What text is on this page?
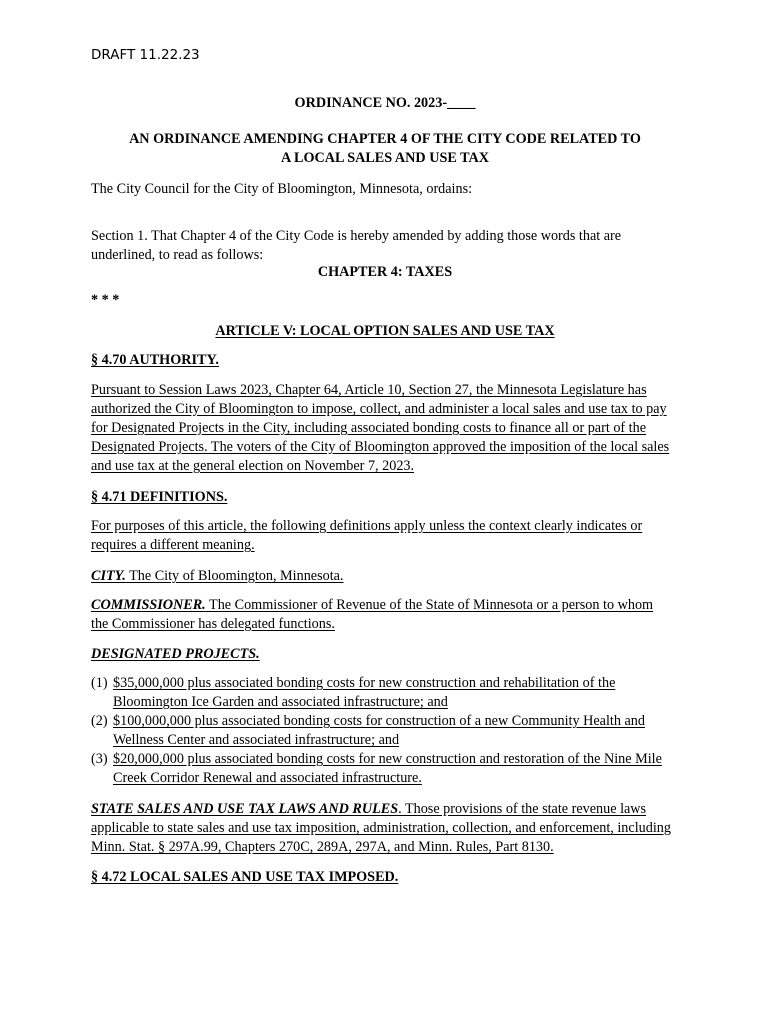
DRAFT 11.22.23
ORDINANCE NO. 2023-____
AN ORDINANCE AMENDING CHAPTER 4 OF THE CITY CODE RELATED TO
A LOCAL SALES AND USE TAX
The City Council for the City of Bloomington, Minnesota, ordains:
Section 1. That Chapter 4 of the City Code is hereby amended by adding those words that are underlined, to read as follows:
CHAPTER 4: TAXES
* * *
ARTICLE V: LOCAL OPTION SALES AND USE TAX
§ 4.70 AUTHORITY.
Pursuant to Session Laws 2023, Chapter 64, Article 10, Section 27, the Minnesota Legislature has authorized the City of Bloomington to impose, collect, and administer a local sales and use tax to pay for Designated Projects in the City, including associated bonding costs to finance all or part of the Designated Projects. The voters of the City of Bloomington approved the imposition of the local sales and use tax at the general election on November 7, 2023.
§ 4.71 DEFINITIONS.
For purposes of this article, the following definitions apply unless the context clearly indicates or requires a different meaning.
CITY. The City of Bloomington, Minnesota.
COMMISSIONER. The Commissioner of Revenue of the State of Minnesota or a person to whom the Commissioner has delegated functions.
DESIGNATED PROJECTS.
(1) $35,000,000 plus associated bonding costs for new construction and rehabilitation of the Bloomington Ice Garden and associated infrastructure; and
(2) $100,000,000 plus associated bonding costs for construction of a new Community Health and Wellness Center and associated infrastructure; and
(3) $20,000,000 plus associated bonding costs for new construction and restoration of the Nine Mile Creek Corridor Renewal and associated infrastructure.
STATE SALES AND USE TAX LAWS AND RULES. Those provisions of the state revenue laws applicable to state sales and use tax imposition, administration, collection, and enforcement, including Minn. Stat. § 297A.99, Chapters 270C, 289A, 297A, and Minn. Rules, Part 8130.
§ 4.72 LOCAL SALES AND USE TAX IMPOSED.
